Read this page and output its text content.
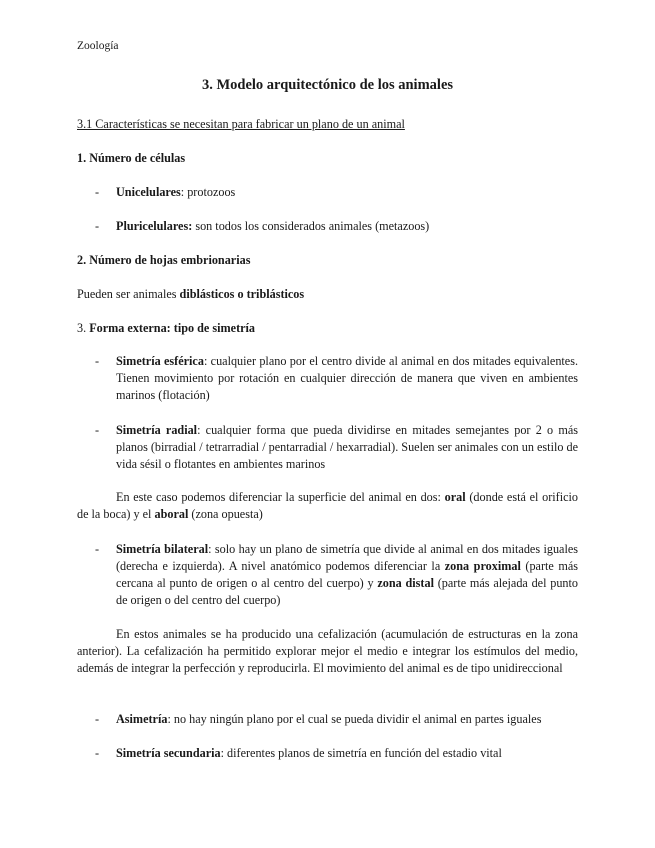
Zoología
3. Modelo arquitectónico de los animales
3.1 Características se necesitan para fabricar un plano de un animal
1. Número de células
- Unicelulares: protozoos
- Pluricelulares: son todos los considerados animales (metazoos)
2. Número de hojas embrionarias
Pueden ser animales diblásticos o triblásticos
3. Forma externa: tipo de simetría
- Simetría esférica: cualquier plano por el centro divide al animal en dos mitades equivalentes. Tienen movimiento por rotación en cualquier dirección de manera que viven en ambientes marinos (flotación)
- Simetría radial: cualquier forma que pueda dividirse en mitades semejantes por 2 o más planos (birradial / tetrarradial / pentarradial / hexarradial). Suelen ser animales con un estilo de vida sésil o flotantes en ambientes marinos
En este caso podemos diferenciar la superficie del animal en dos: oral (donde está el orificio de la boca) y el aboral (zona opuesta)
- Simetría bilateral: solo hay un plano de simetría que divide al animal en dos mitades iguales (derecha e izquierda). A nivel anatómico podemos diferenciar la zona proximal (parte más cercana al punto de origen o al centro del cuerpo) y zona distal (parte más alejada del punto de origen o del centro del cuerpo)
En estos animales se ha producido una cefalización (acumulación de estructuras en la zona anterior). La cefalización ha permitido explorar mejor el medio e integrar los estímulos del medio, además de integrar la perfección y reproducirla. El movimiento del animal es de tipo unidireccional
- Asimetría: no hay ningún plano por el cual se pueda dividir el animal en partes iguales
- Simetría secundaria: diferentes planos de simetría en función del estadio vital
